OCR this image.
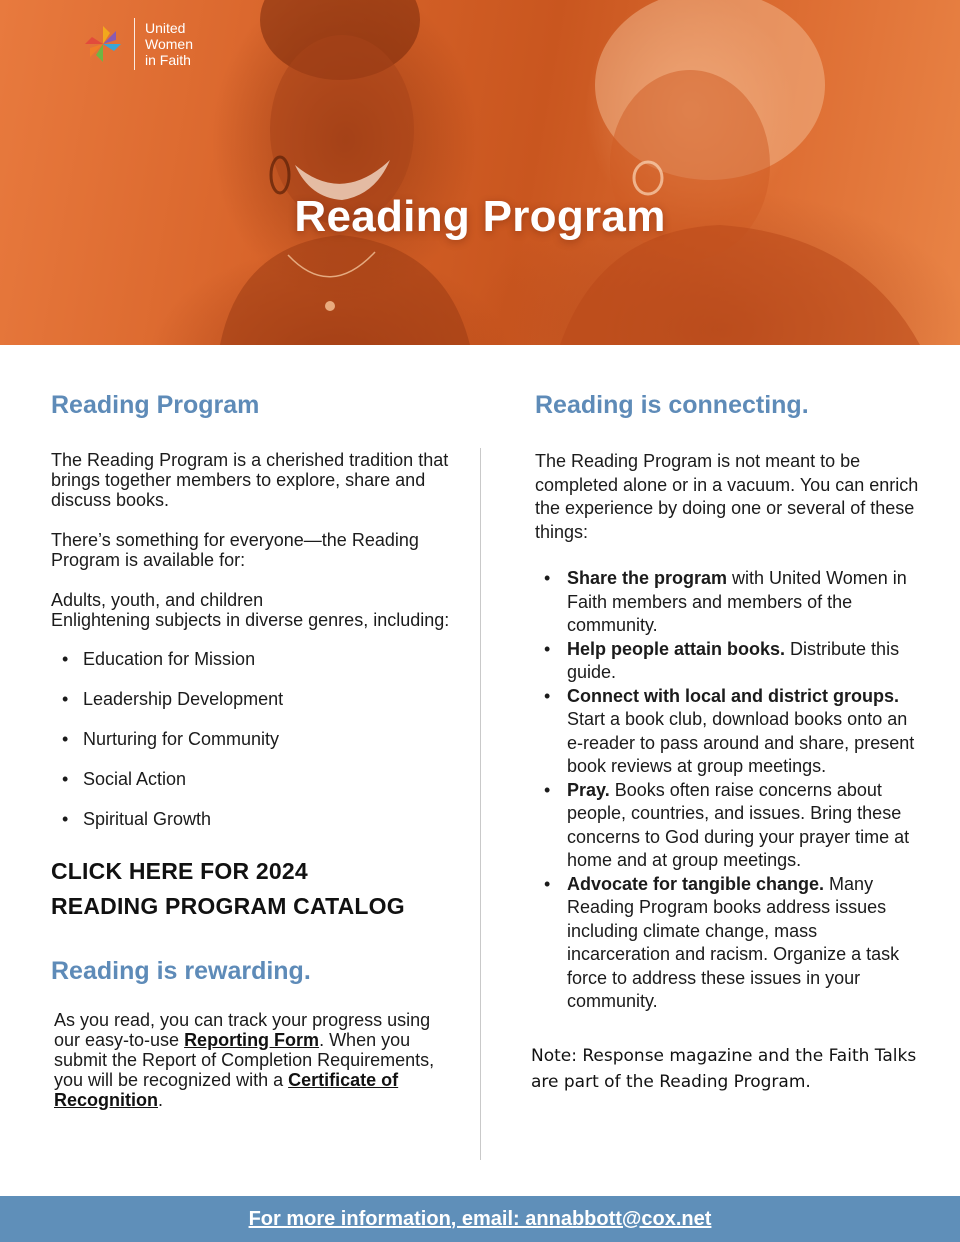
United
Women
in Faith
Reading Program
Reading Program

The Reading Program is a cherished tradition that brings together members to explore, share and discuss books.

There’s something for everyone—the Reading Program is available for:

Adults, youth, and children

Enlightening subjects in diverse genres, including:

• Education for Mission
• Leadership Development
• Nurturing for Community
• Social Action
• Spiritual Growth
CLICK HERE FOR 2024
READING PROGRAM CATALOG
Reading is rewarding.

As you read, you can track your progress using our easy-to-use Reporting Form. When you submit the Report of Completion Requirements, you will be recognized with a Certificate of Recognition.

Reading is connecting.

The Reading Program is not meant to be completed alone or in a vacuum. You can enrich the experience by doing one or several of these things:

• Share the program with United Women in Faith members and members of the community.
• Help people attain books. Distribute this guide.
• Connect with local and district groups. Start a book club, download books onto an e-reader to pass around and share, present book reviews at group meetings.
• Pray. Books often raise concerns about people, countries, and issues. Bring these concerns to God during your prayer time at home and at group meetings.
• Advocate for tangible change. Many Reading Program books address issues including climate change, mass incarceration and racism. Organize a task force to address these issues in your community.

Note: Response magazine and the Faith Talks are part of the Reading Program.

For more information, email: annabbott@cox.net
